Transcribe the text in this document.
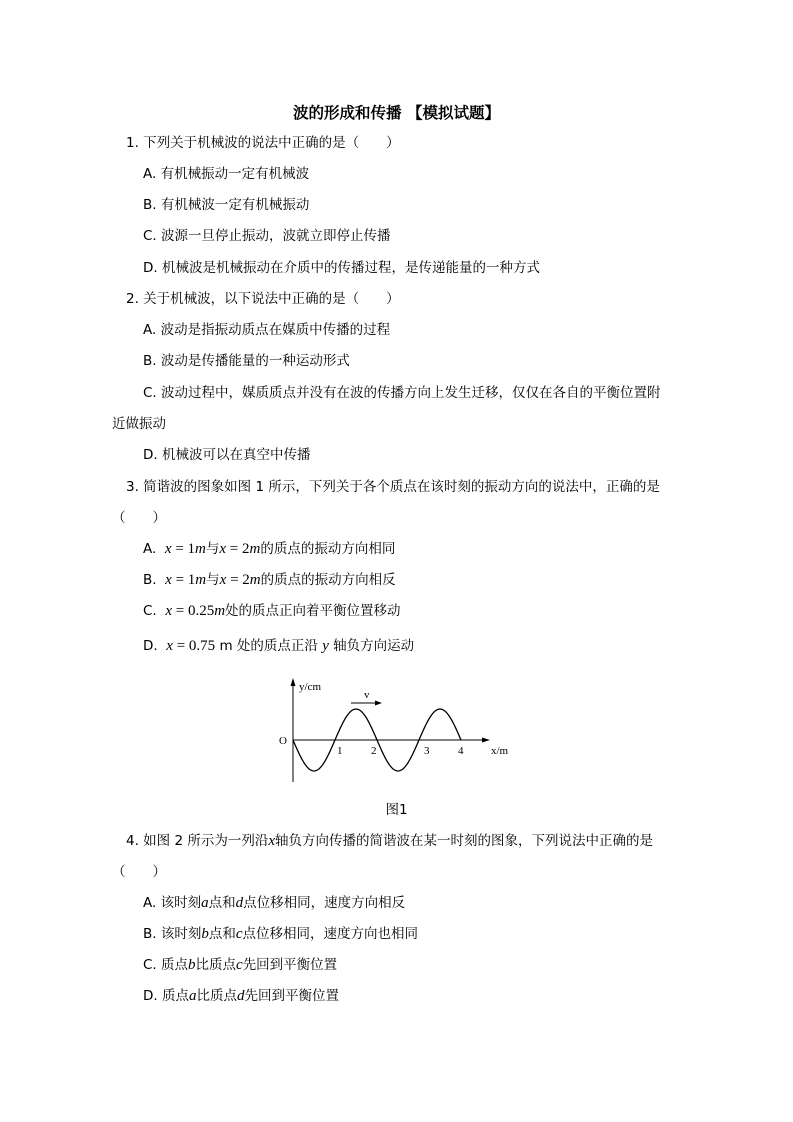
波的形成和传播 【模拟试题】
1. 下列关于机械波的说法中正确的是（　　）
A. 有机械振动一定有机械波
B. 有机械波一定有机械振动
C. 波源一旦停止振动，波就立即停止传播
D. 机械波是机械振动在介质中的传播过程，是传递能量的一种方式
2. 关于机械波，以下说法中正确的是（　　）
A. 波动是指振动质点在媒质中传播的过程
B. 波动是传播能量的一种运动形式
C. 波动过程中，媒质质点并没有在波的传播方向上发生迁移，仅仅在各自的平衡位置附
近做振动
D. 机械波可以在真空中传播
3. 简谐波的图象如图 1 所示，下列关于各个质点在该时刻的振动方向的说法中，正确的是
（　　）
A. x = 1m与x = 2m的质点的振动方向相同
B. x = 1m与x = 2m的质点的振动方向相反
C. x = 0.25m处的质点正向着平衡位置移动
D. x = 0.75 m 处的质点正沿 y 轴负方向运动
y/cm
v
O
1	2	3	4	x/m
图1
4. 如图 2 所示为一列沿x轴负方向传播的简谐波在某一时刻的图象，下列说法中正确的是
（　　）
A. 该时刻a点和d点位移相同，速度方向相反
B. 该时刻b点和c点位移相同，速度方向也相同
C. 质点b比质点c先回到平衡位置
D. 质点a比质点d先回到平衡位置
